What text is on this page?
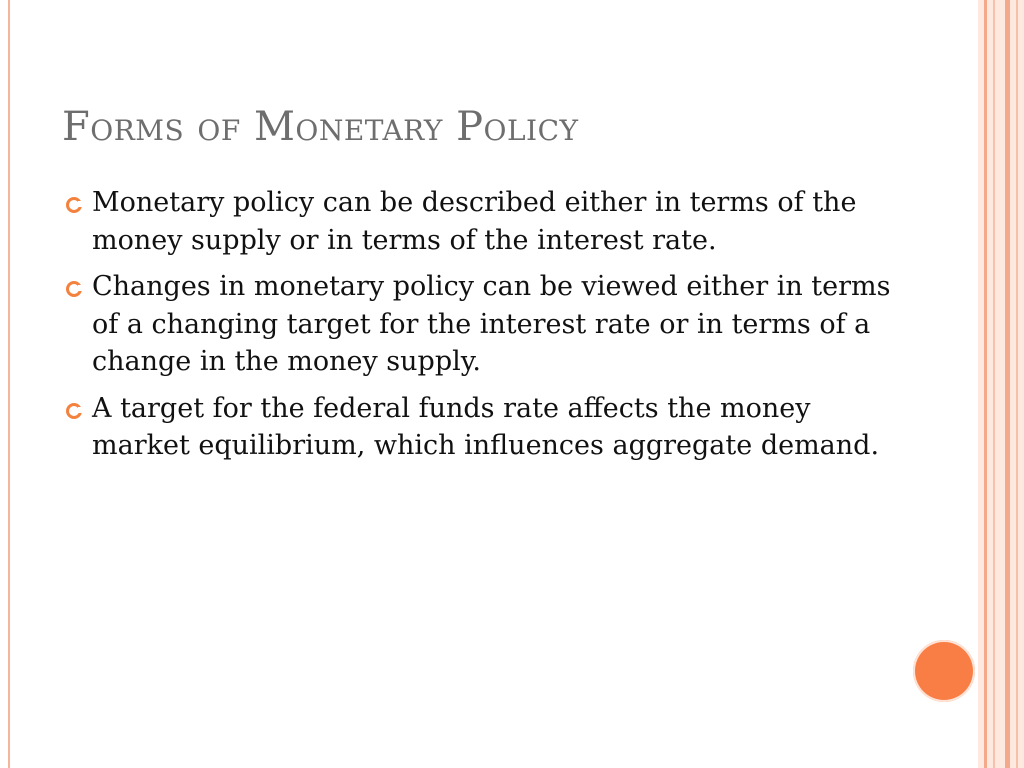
Forms of Monetary Policy
Monetary policy can be described either in terms of the money supply or in terms of the interest rate.
Changes in monetary policy can be viewed either in terms of a changing target for the interest rate or in terms of a change in the money supply.
A target for the federal funds rate affects the money market equilibrium, which influences aggregate demand.
